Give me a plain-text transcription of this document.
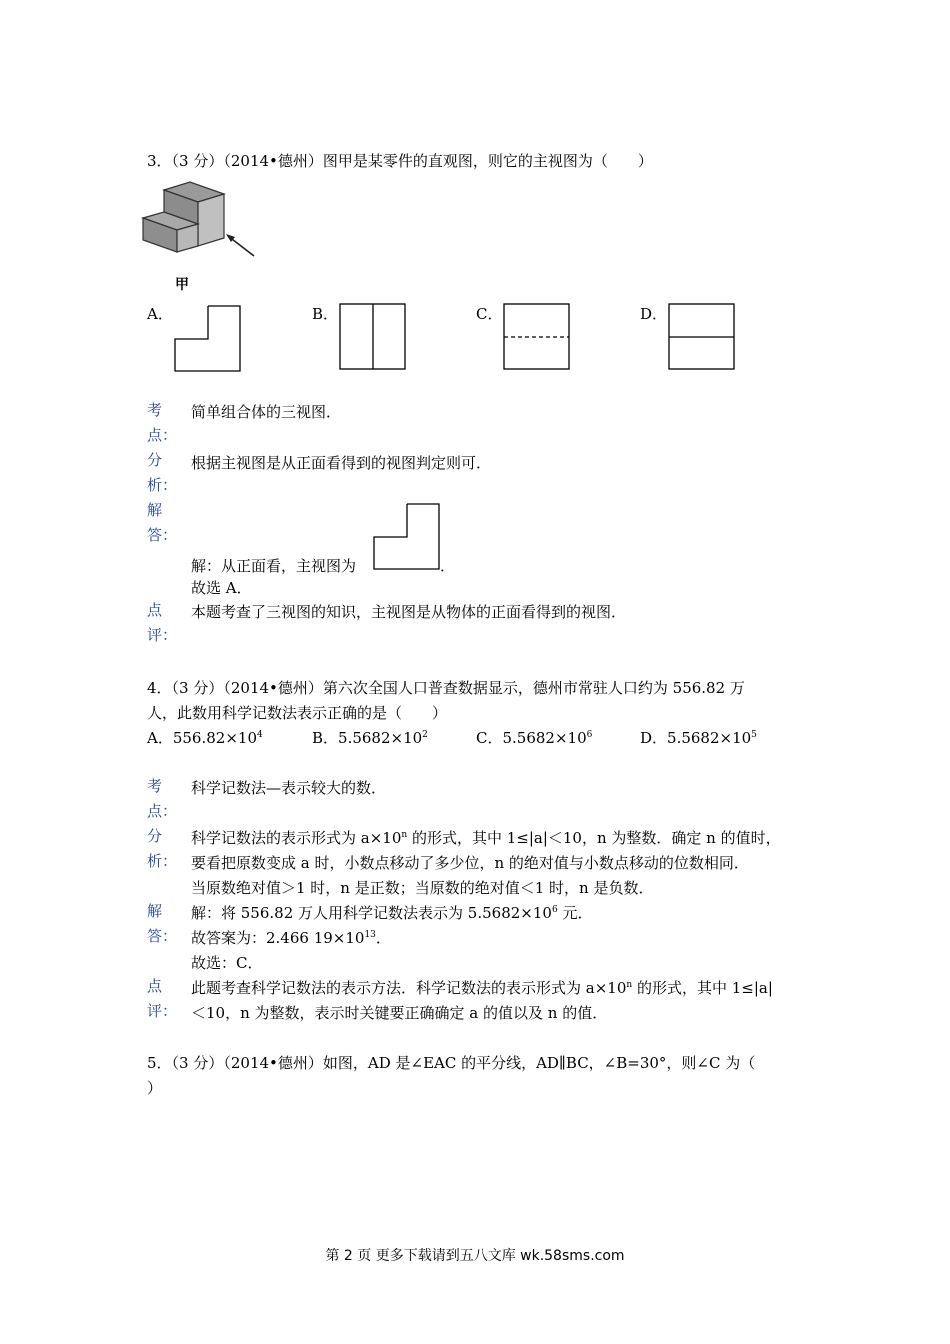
3．（3 分）（2014•德州）图甲是某零件的直观图，则它的主视图为（　　）
甲
A．	B．	C．	D．
考
点：
简单组合体的三视图．
分
析：
根据主视图是从正面看得到的视图判定则可．
解
答：
解：从正面看，主视图为	．
故选 A．
点
评：
本题考查了三视图的知识，主视图是从物体的正面看得到的视图．
4．（3 分）（2014•德州）第六次全国人口普查数据显示，德州市常驻人口约为 556.82 万
人，此数用科学记数法表示正确的是（　　）
A．$556.82\times 10^4$	B．$5.5682\times 10^2$	C．$5.5682\times 10^6$	D．$5.5682\times 10^5$
考
点：
科学记数法—表示较大的数．
分
析：
科学记数法的表示形式为 $a\times 10^n$ 的形式，其中 1≤|a|＜10，n 为整数．确定 n 的值时，
要看把原数变成 a 时，小数点移动了多少位，n 的绝对值与小数点移动的位数相同．
当原数绝对值＞1 时，n 是正数；当原数的绝对值＜1 时，n 是负数．
解
答：
解：将 556.82 万人用科学记数法表示为 $5.5682\times 10^6$ 元．
故答案为：2.466 $19\times 10^{13}$．
故选：C．
点
评：
此题考查科学记数法的表示方法．科学记数法的表示形式为 $a\times 10^n$ 的形式，其中 1≤|a|
＜10，n 为整数，表示时关键要正确确定 a 的值以及 n 的值．
5．（3 分）（2014•德州）如图，AD 是∠EAC 的平分线，AD∥BC，∠B=30°，则∠C 为（
）
第 2 页 更多下载请到五八文库 wk.58sms.com
